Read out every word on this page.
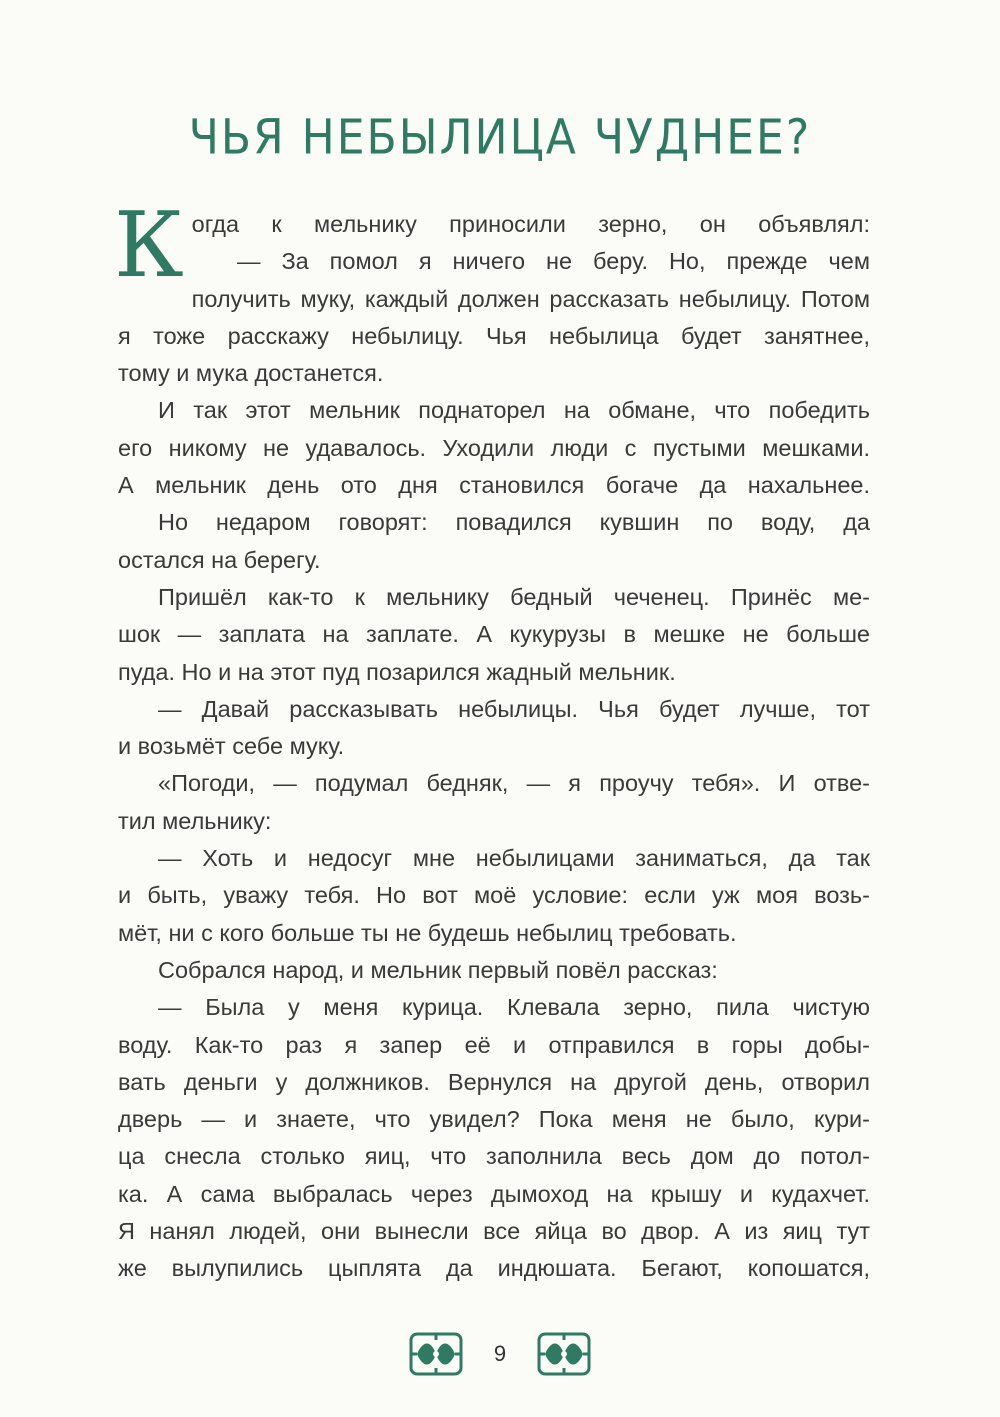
ЧЬЯ НЕБЫЛИЦА ЧУДНЕЕ?

К огда к мельнику приносили зерно, он объявлял:

— За помол я ничего не беру. Но, прежде чем
получить муку, каждый должен рассказать небылицу. Потом
я тоже расскажу небылицу. Чья небылица будет занятнее,
тому и мука достанется.

И так этот мельник поднаторел на обмане, что победить
его никому не удавалось. Уходили люди с пустыми мешками.
А мельник день ото дня становился богаче да нахальнее.

Но недаром говорят: повадился кувшин по воду, да
остался на берегу.

Пришёл как-то к мельнику бедный чеченец. Принёс ме-
шок — заплата на заплате. А кукурузы в мешке не больше
пуда. Но и на этот пуд позарился жадный мельник.

— Давай рассказывать небылицы. Чья будет лучше, тот
и возьмёт себе муку.

«Погоди, — подумал бедняк, — я проучу тебя». И отве-
тил мельнику:

— Хоть и недосуг мне небылицами заниматься, да так
и быть, уважу тебя. Но вот моё условие: если уж моя возь-
мёт, ни с кого больше ты не будешь небылиц требовать.

Собрался народ, и мельник первый повёл рассказ:

— Была у меня курица. Клевала зерно, пила чистую
воду. Как-то раз я запер её и отправился в горы добы-
вать деньги у должников. Вернулся на другой день, отворил
дверь — и знаете, что увидел? Пока меня не было, кури-
ца снесла столько яиц, что заполнила весь дом до потол-
ка. А сама выбралась через дымоход на крышу и кудахчет.
Я нанял людей, они вынесли все яйца во двор. А из яиц тут
же вылупились цыплята да индюшата. Бегают, копошатся,

9
